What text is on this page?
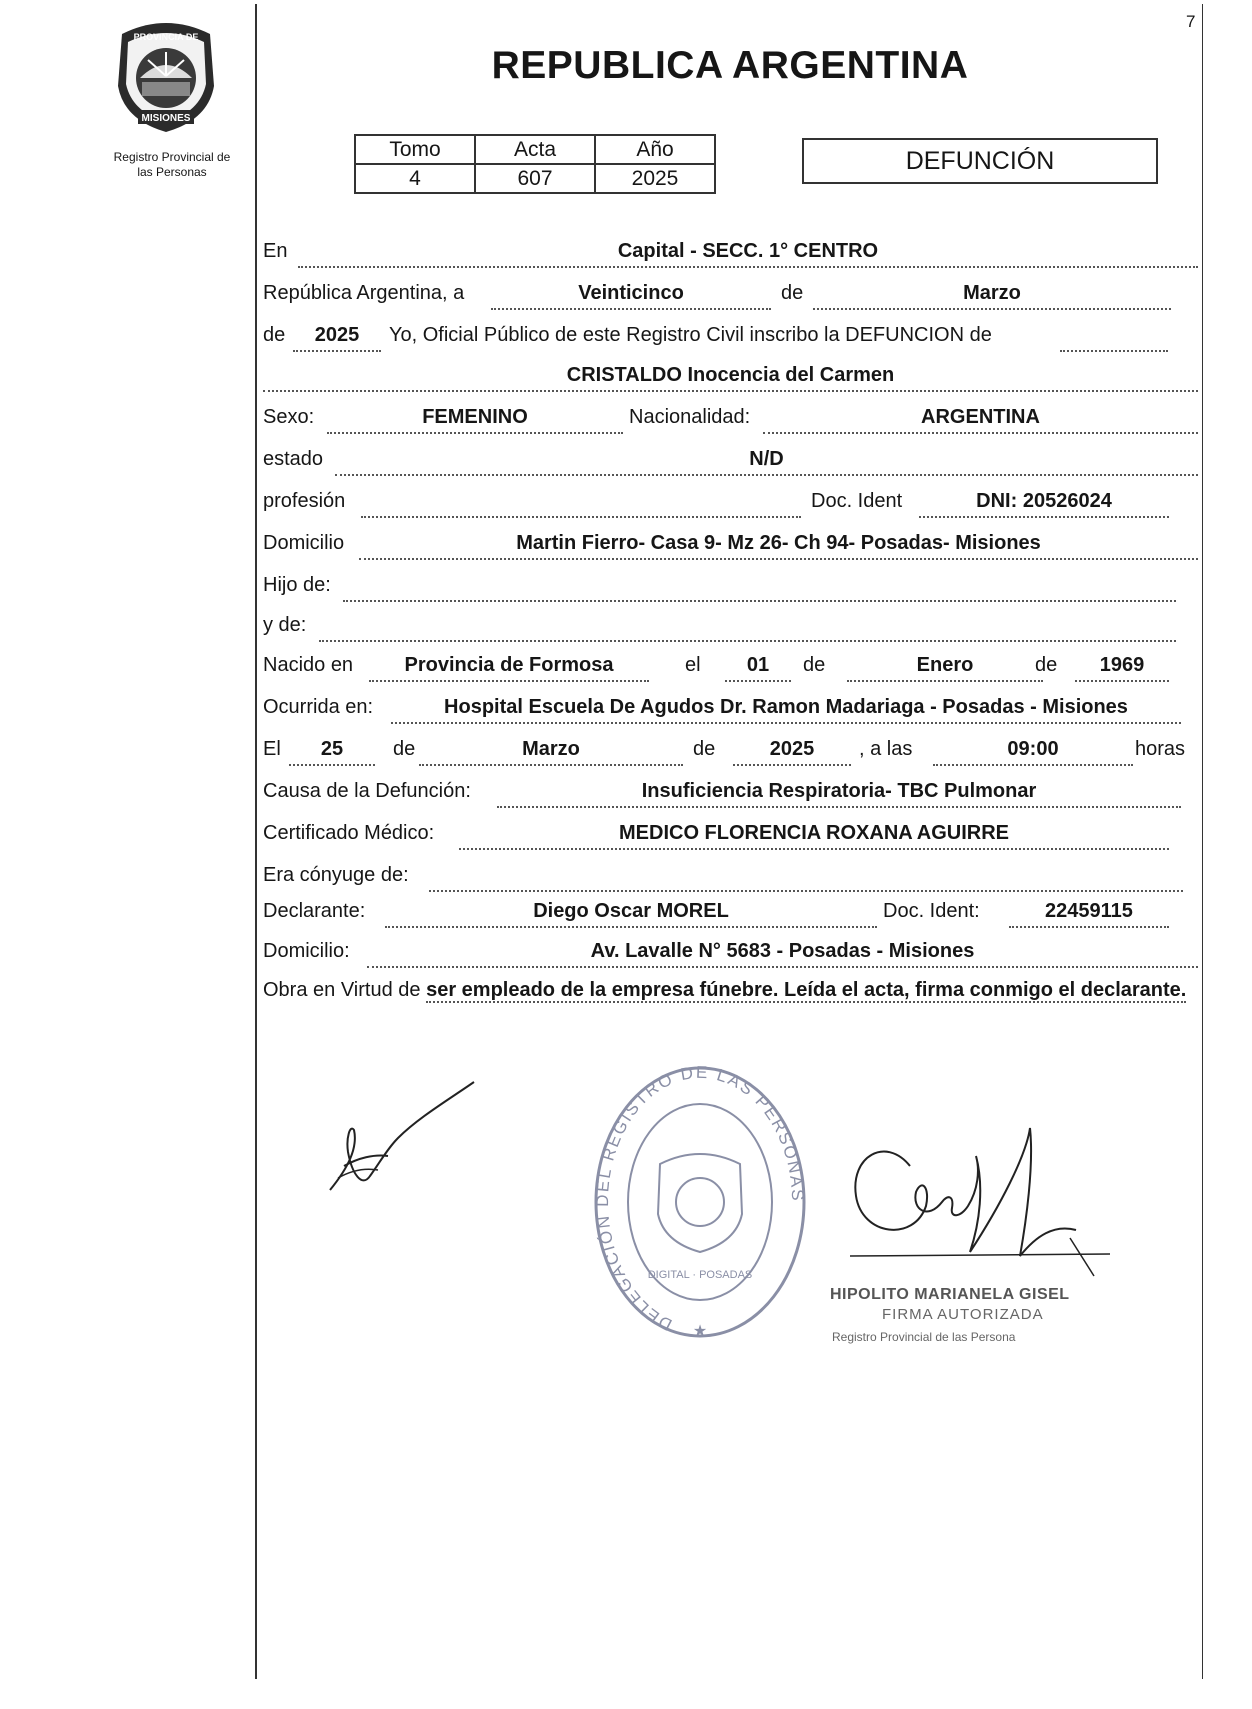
7
PROVINCIA DE
MISIONES
Registro Provincial de
las Personas
REPUBLICA ARGENTINA
Tomo	Acta	Año
4	607	2025
DEFUNCIÓN
En	Capital - SECC. 1° CENTRO
República Argentina, a	Veinticinco	de	Marzo
de	2025	Yo, Oficial Público de este Registro Civil inscribo la DEFUNCION de
CRISTALDO Inocencia del Carmen
Sexo:	FEMENINO	Nacionalidad:	ARGENTINA
estado	N/D
profesión	Doc. Ident	DNI: 20526024
Domicilio	Martin Fierro- Casa 9- Mz 26- Ch 94- Posadas- Misiones
Hijo de:
y de:
Nacido en	Provincia de Formosa	el	01	de	Enero	de	1969
Ocurrida en:	Hospital Escuela De Agudos Dr. Ramon Madariaga - Posadas - Misiones
El	25	de	Marzo	de	2025	, a las	09:00	horas
Causa de la Defunción:	Insuficiencia Respiratoria- TBC Pulmonar
Certificado Médico:	MEDICO FLORENCIA ROXANA AGUIRRE
Era cónyuge de:
Declarante:	Diego Oscar MOREL	Doc. Ident:	22459115
Domicilio:	Av. Lavalle N° 5683 - Posadas - Misiones
Obra en Virtud de ser empleado de la empresa fúnebre. Leída el acta, firma conmigo el declarante.
DELEGACIÓN DEL REGISTRO DE LAS PERSONAS
DIGITAL · POSADAS
★
HIPOLITO MARIANELA GISEL
FIRMA AUTORIZADA
Registro Provincial de las Persona
